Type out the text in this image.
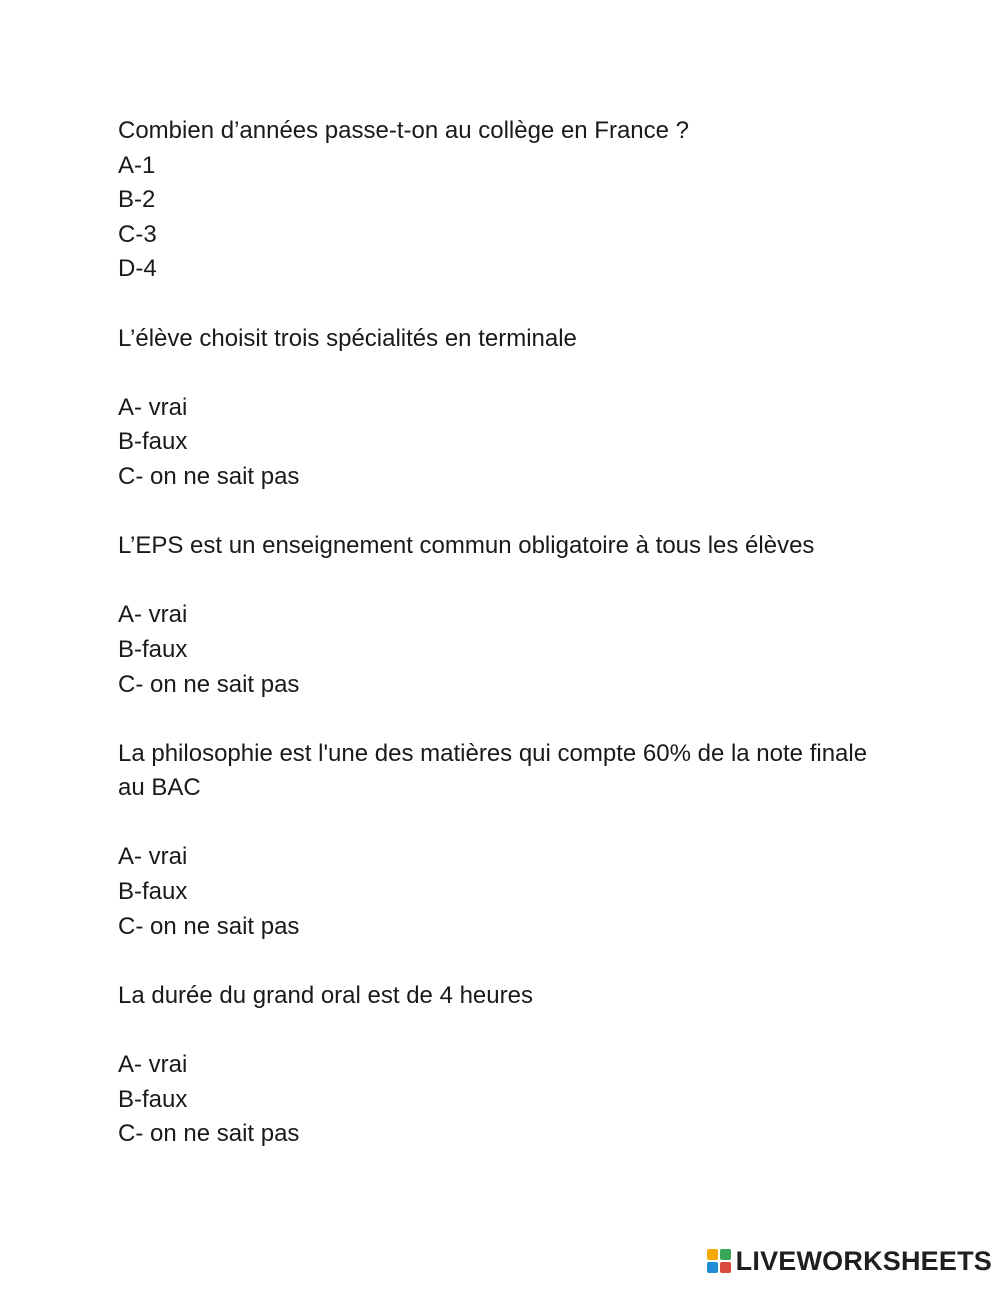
Combien d’années passe-t-on au collège en France ?
A-1
B-2
C-3
D-4
L’élève choisit trois spécialités en terminale
A- vrai
B-faux
C- on ne sait pas
L’EPS est un enseignement commun obligatoire à tous les élèves
A- vrai
B-faux
C- on ne sait pas
La philosophie est l'une des matières qui compte 60% de la note finale au BAC
A- vrai
B-faux
C- on ne sait pas
La durée du grand oral est de 4 heures
A- vrai
B-faux
C- on ne sait pas
LIVEWORKSHEETS
